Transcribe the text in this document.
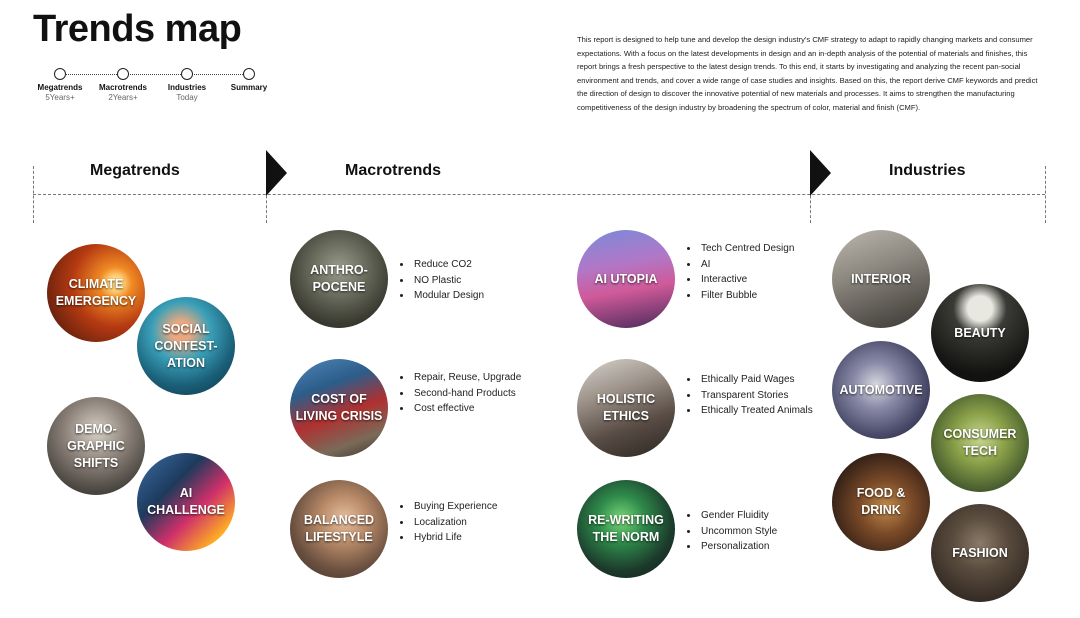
Trends map
Megatrends
5Years+
Macrotrends
2Years+
Industries
Today
Summary

This report is designed to help tune and develop the design industry's CMF strategy to adapt to rapidly changing markets and consumer expectations. With a focus on the latest developments in design and an in-depth analysis of the potential of materials and finishes, this report brings a fresh perspective to the latest design trends. To this end, it starts by investigating and analyzing the recent pan-social environment and trends, and cover a wide range of case studies and insights. Based on this, the report derive CMF keywords and predict the direction of design to discover the innovative potential of new materials and processes. It aims to strengthen the manufacturing competitiveness of the design industry by broadening the spectrum of color, material and finish (CMF).

Megatrends	Macrotrends	Industries
CLIMATE EMERGENCY
SOCIAL CONTEST-ATION
DEMO-GRAPHIC SHIFTS
AI CHALLENGE
ANTHRO-POCENE
• Reduce CO2
• NO Plastic
• Modular Design
COST OF LIVING CRISIS
• Repair, Reuse, Upgrade
• Second-hand Products
• Cost effective
BALANCED LIFESTYLE
• Buying Experience
• Localization
• Hybrid Life
AI UTOPIA
• Tech Centred Design
• AI
• Interactive
• Filter Bubble
HOLISTIC ETHICS
• Ethically Paid Wages
• Transparent Stories
• Ethically Treated Animals
RE-WRITING THE NORM
• Gender Fluidity
• Uncommon Style
• Personalization
INTERIOR
BEAUTY
AUTOMOTIVE
CONSUMER TECH
FOOD & DRINK
FASHION
